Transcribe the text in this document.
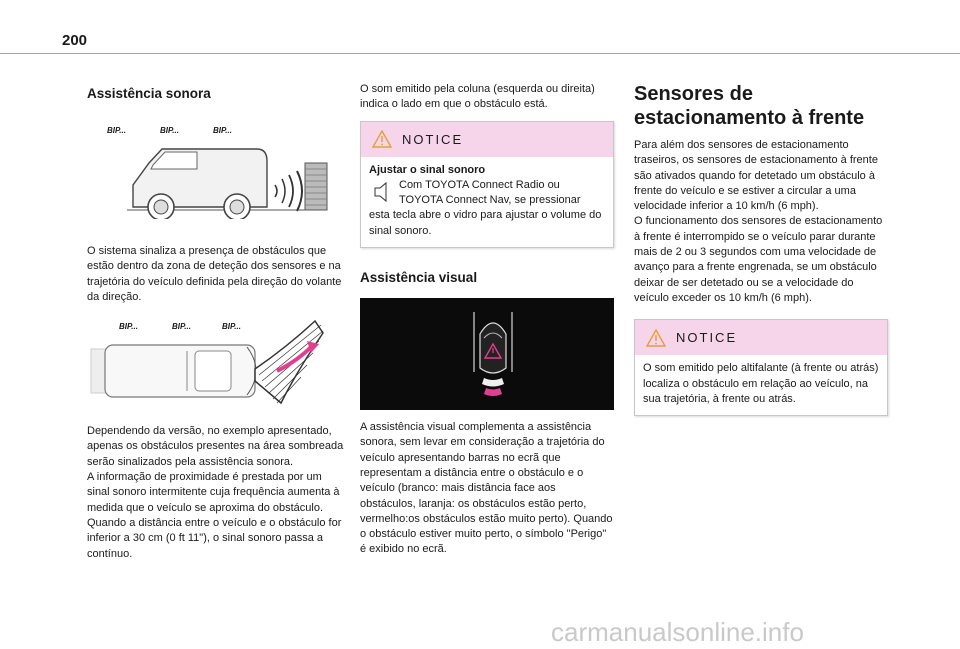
200
Assistência sonora
BIP...	BIP...	BIP...

O sistema sinaliza a presença de obstáculos que estão dentro da zona de deteção dos sensores e na trajetória do veículo definida pela direção do volante da direção.

BIP...	BIP...	BIP...

Dependendo da versão, no exemplo apresentado, apenas os obstáculos presentes na área sombreada serão sinalizados pela assistência sonora.

A informação de proximidade é prestada por um sinal sonoro intermitente cuja frequência aumenta à medida que o veículo se aproxima do obstáculo.

Quando a distância entre o veículo e o obstáculo for inferior a 30 cm (0 ft 11"), o sinal sonoro passa a contínuo.

O som emitido pela coluna (esquerda ou direita) indica o lado em que o obstáculo está.

NOTICE
Ajustar o sinal sonoro
Com TOYOTA Connect Radio ou TOYOTA Connect Nav, se pressionar
esta tecla abre o vidro para ajustar o volume do sinal sonoro.
Assistência visual

A assistência visual complementa a assistência sonora, sem levar em consideração a trajetória do veículo apresentando barras no ecrã que representam a distância entre o obstáculo e o veículo (branco: mais distância face aos obstáculos, laranja: os obstáculos estão perto, vermelho:os obstáculos estão muito perto). Quando o obstáculo estiver muito perto, o símbolo "Perigo" é exibido no ecrã.

Sensores de
estacionamento à frente

Para além dos sensores de estacionamento traseiros, os sensores de estacionamento à frente são ativados quando for detetado um obstáculo à frente do veículo e se estiver a circular a uma velocidade inferior a 10 km/h (6 mph).

O funcionamento dos sensores de estacionamento à frente é interrompido se o veículo parar durante mais de 2 ou 3 segundos com uma velocidade de avanço para a frente engrenada, se um obstáculo deixar de ser detetado ou se a velocidade do veículo exceder os 10 km/h (6 mph).

NOTICE
O som emitido pelo altifalante (à frente ou atrás) localiza o obstáculo em relação ao veículo, na sua trajetória, à frente ou atrás.
carmanualsonline.info
